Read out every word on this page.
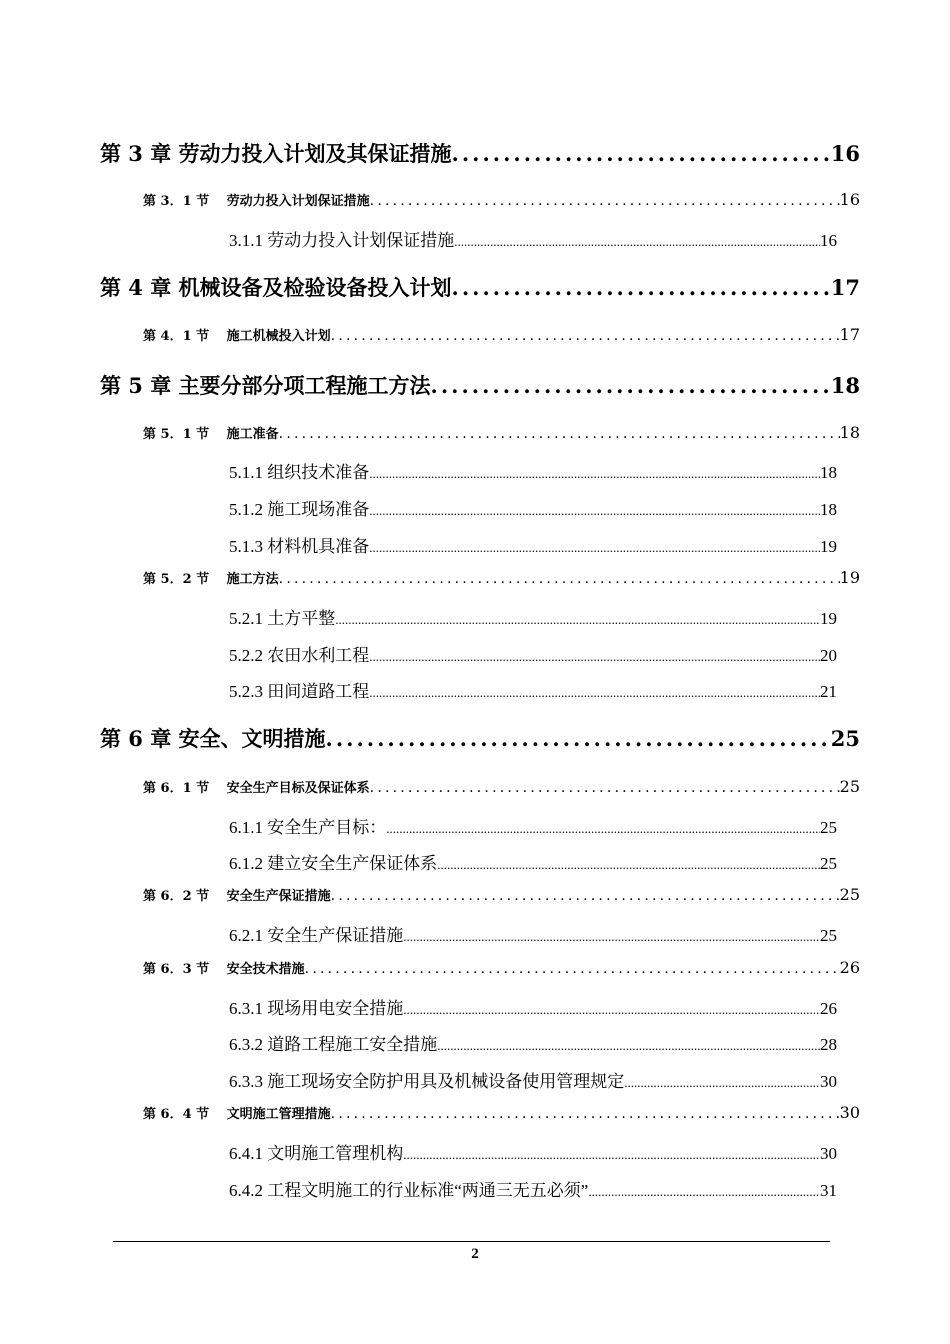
第 3 章 劳动力投入计划及其保证措施 .....	16
第 3．1 节　 劳动力投入计划保证措施 .....	16
3.1.1 劳动力投入计划保证措施 .....	16
第 4 章 机械设备及检验设备投入计划 .....	17
第 4．1 节　 施工机械投入计划 .....	17
第 5 章 主要分部分项工程施工方法 .....	18
第 5．1 节　 施工准备 .....	18
5.1.1 组织技术准备 .....	18
5.1.2 施工现场准备 .....	18
5.1.3 材料机具准备 .....	19
第 5．2 节　 施工方法 .....	19
5.2.1 土方平整 .....	19
5.2.2 农田水利工程 .....	20
5.2.3 田间道路工程 .....	21
第 6 章 安全、文明措施 .....	25
第 6．1 节　 安全生产目标及保证体系 .....	25
6.1.1 安全生产目标： .....	25
6.1.2 建立安全生产保证体系 .....	25
第 6．2 节　 安全生产保证措施 .....	25
6.2.1 安全生产保证措施 .....	25
第 6．3 节　 安全技术措施 .....	26
6.3.1 现场用电安全措施 .....	26
6.3.2 道路工程施工安全措施 .....	28
6.3.3 施工现场安全防护用具及机械设备使用管理规定 .....	30
第 6．4 节　 文明施工管理措施 .....	30
6.4.1 文明施工管理机构 .....	30
6.4.2 工程文明施工的行业标准“两通三无五必须” .....	31
2
